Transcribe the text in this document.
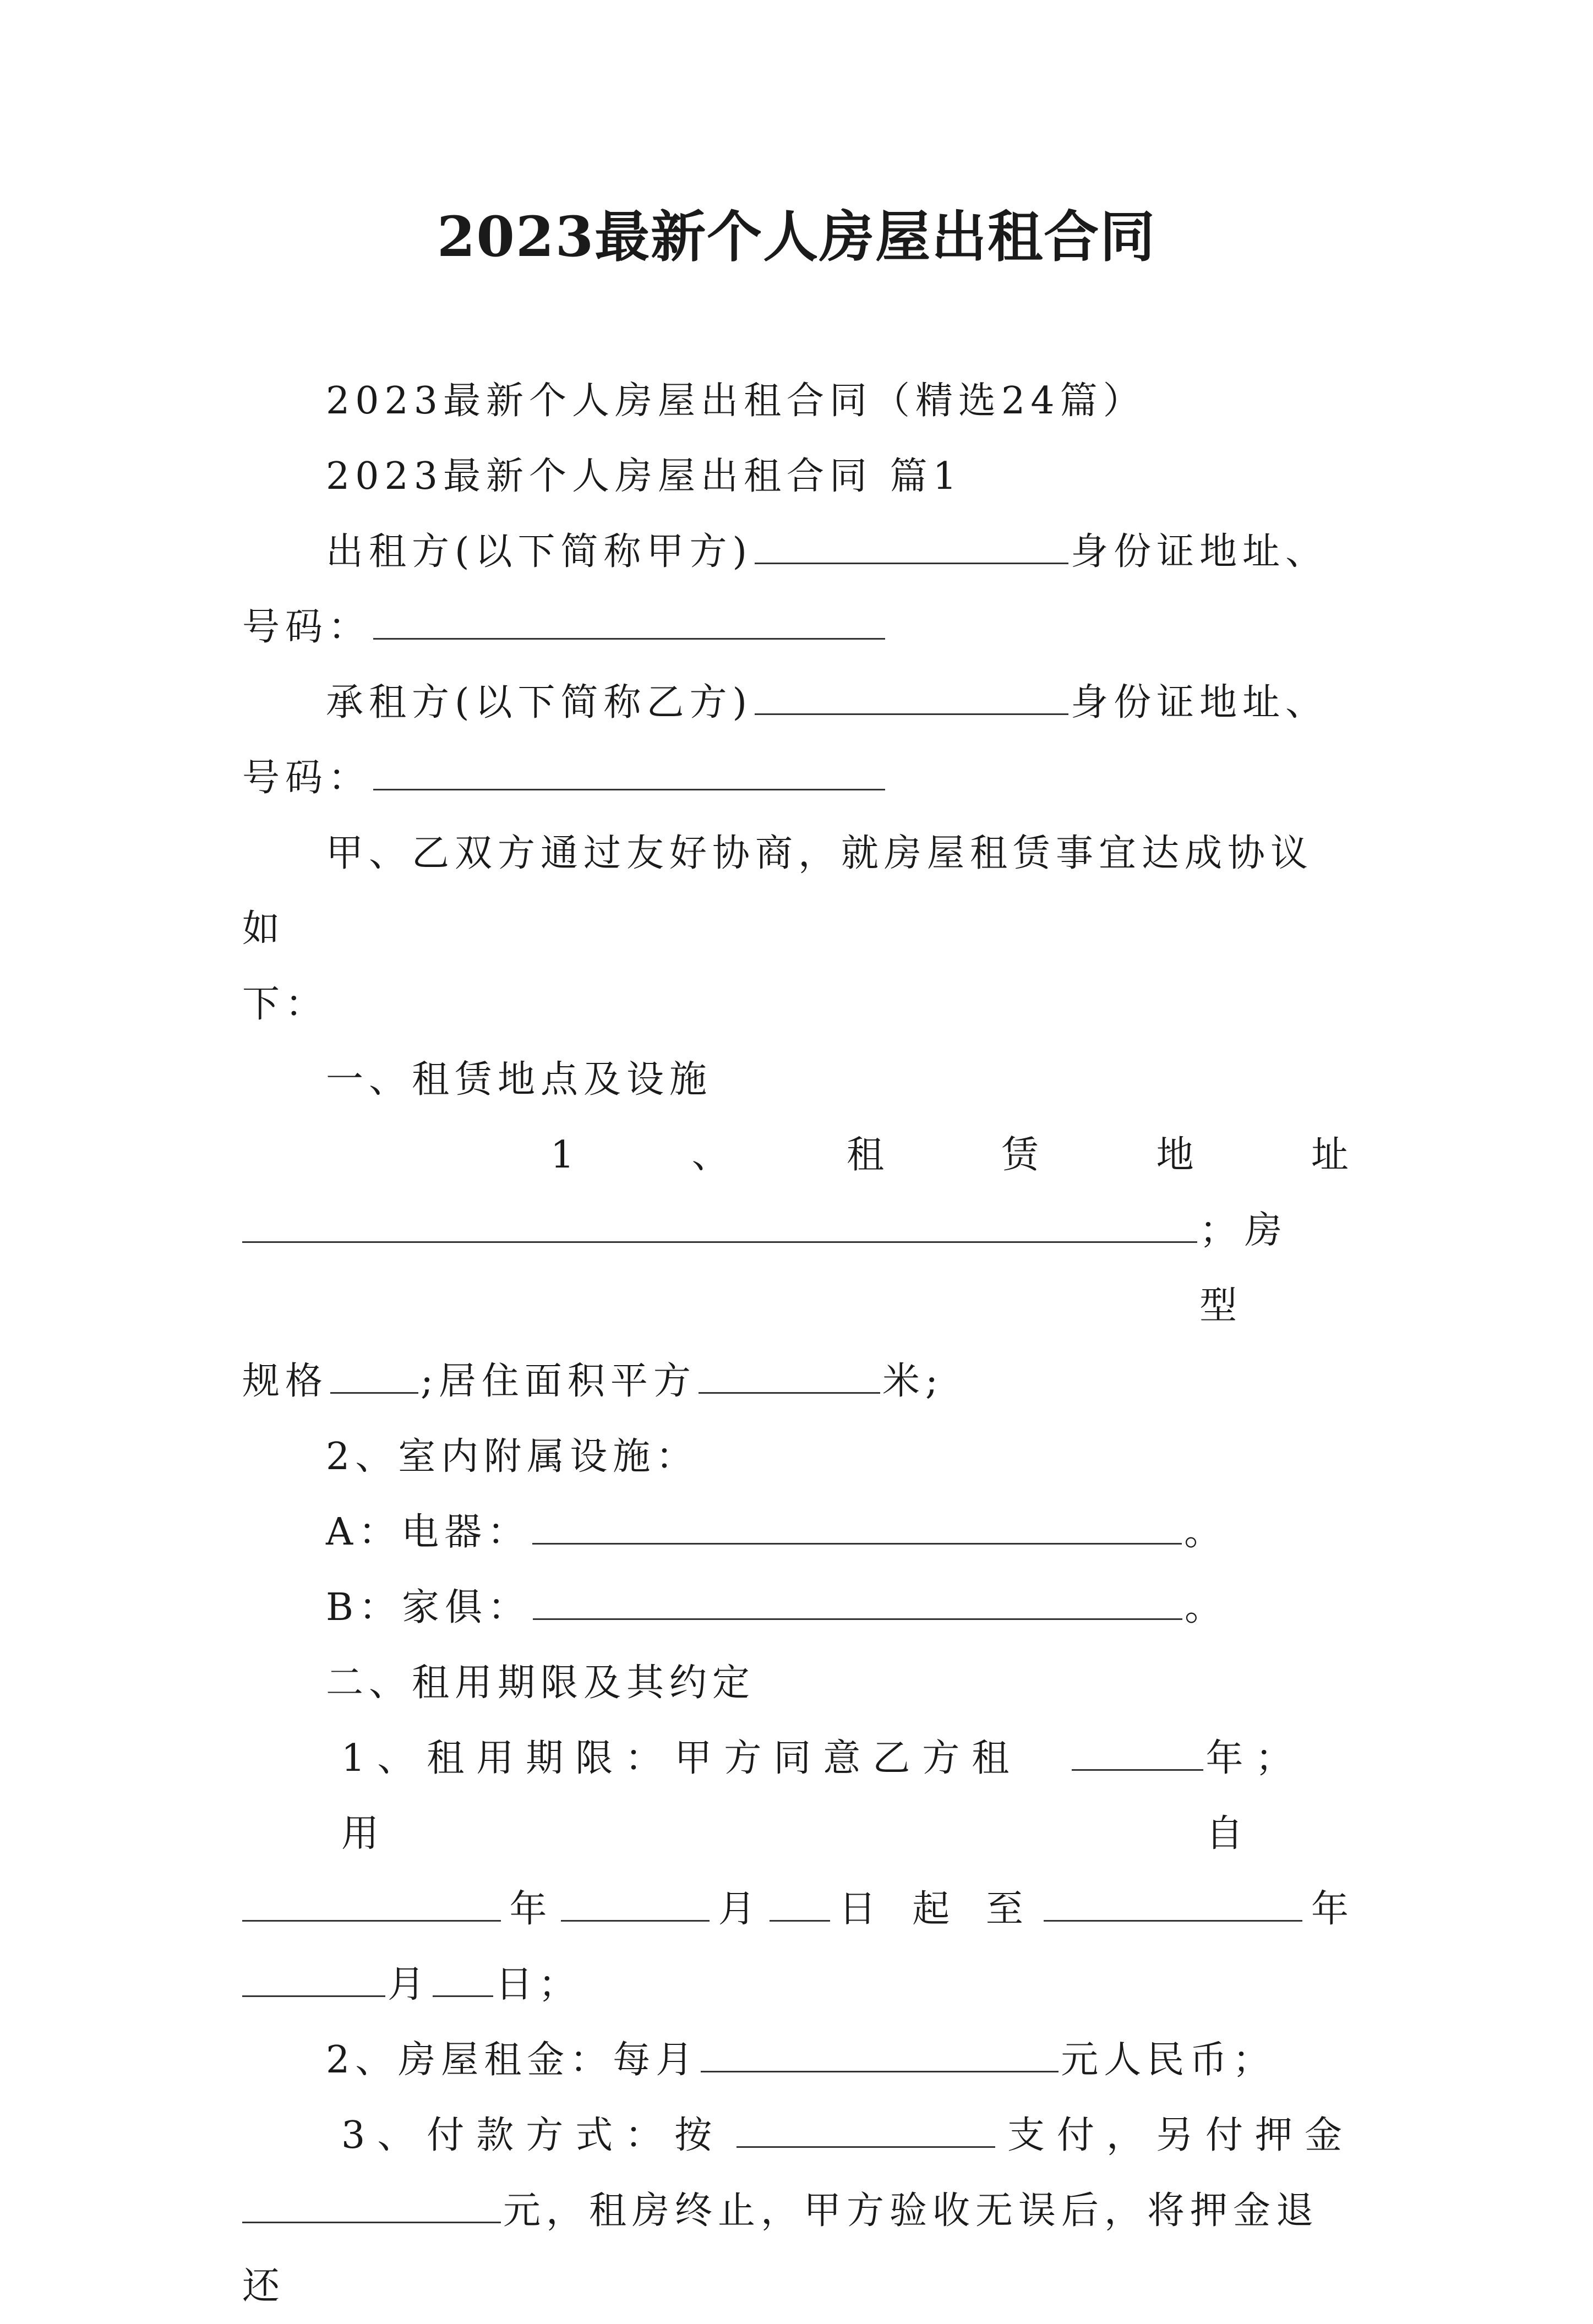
2023最新个人房屋出租合同

2023最新个人房屋出租合同（精选24篇）

2023最新个人房屋出租合同 篇1

出租方(以下简称甲方)	身份证地址、

号码：

承租方(以下简称乙方)	身份证地址、

号码：

甲、乙双方通过友好协商，就房屋租赁事宜达成协议如

下：

一、租赁地点及设施

1	、	租	赁	地	址
；房 型

规格 ;居住面积平方	米;

2、室内附属设施：

A：电器：	。

B：家俱：	。

二、租用期限及其约定

1、租用期限：甲方同意乙方租用
年；自
年	月 日 起 至	年

月 日；

2、房屋租金：每月	元人民币；

3、付款方式：按	支付，另付押金

元，租房终止，甲方验收无误后，将押金退还
